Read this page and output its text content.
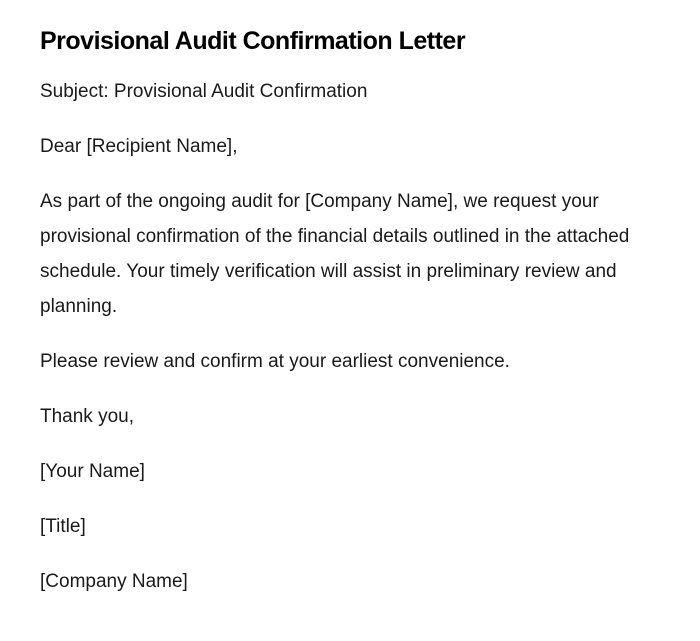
Provisional Audit Confirmation Letter

Subject: Provisional Audit Confirmation

Dear [Recipient Name],

As part of the ongoing audit for [Company Name], we request your provisional confirmation of the financial details outlined in the attached schedule. Your timely verification will assist in preliminary review and planning.

Please review and confirm at your earliest convenience.

Thank you,

[Your Name]

[Title]

[Company Name]
